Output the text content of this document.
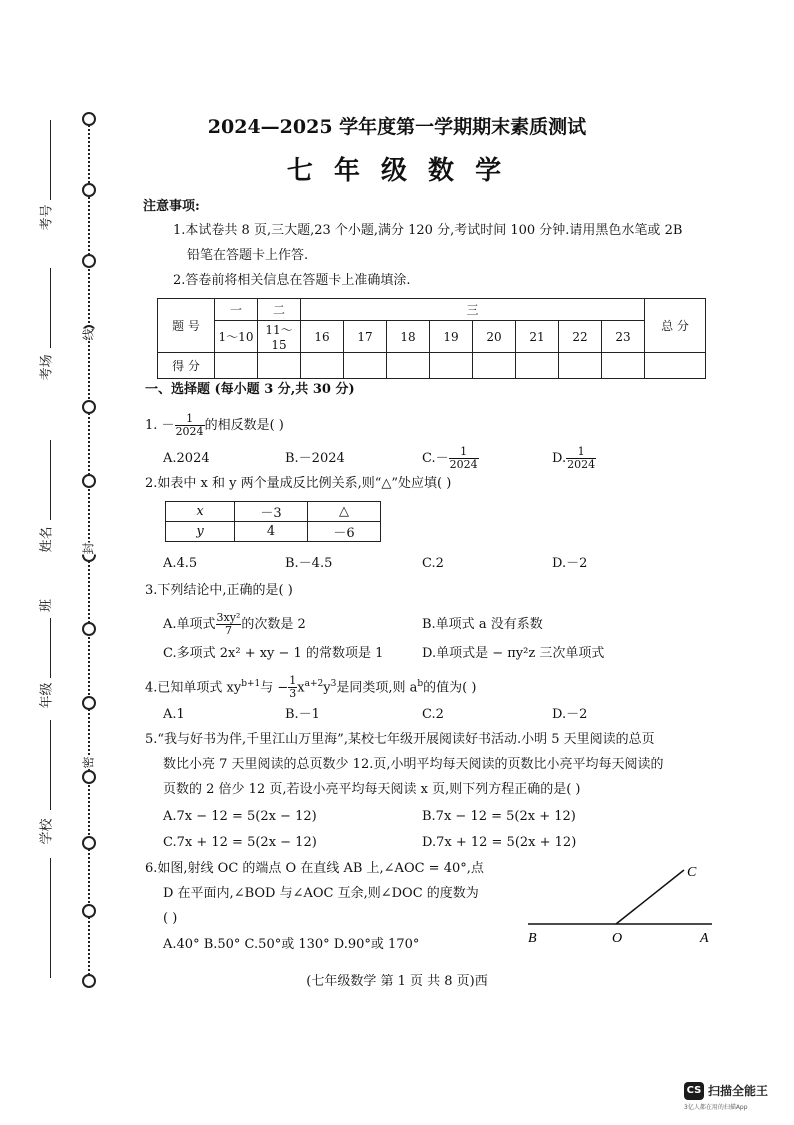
考号
考场
姓名
班
年级
学校
线
封
密
2024—2025 学年度第一学期期末素质测试
七 年 级 数 学
注意事项:
1.本试卷共 8 页,三大题,23 个小题,满分 120 分,考试时间 100 分钟.请用黑色水笔或 2B
铅笔在答题卡上作答.
2.答卷前将相关信息在答题卡上准确填涂.
题 号	一	二	三								总 分
	1～10	11～15	16	17	18	19	20	21	22	23	
得 分											
一、选择题 (每小题 3 分,共 30 分)
1. － $\frac{1}{2024}$ 的相反数是( )
A.2024	B.－2024	$C.- \frac{1}{2024}$	D. $\frac{1}{2024}$
2.如表中 x 和 y 两个量成反比例关系,则“△”处应填( )
x	－3	△
y	4	－6
A.4.5	B.－4.5	C.2	D.－2
3.下列结论中,正确的是( )
A.单项式 $\frac{\text{3xy²}}{7}$ 的次数是 2	B.单项式 a 没有系数
C.多项式 2x² + xy − 1 的常数项是 1	D.单项式是 − πy²z 三次单项式
4.已知单项式 $xy^{b+1}$与 − $\frac{1}{3} x^{a+2}y^3$是同类项,则 $a^b$的值为( )
A.1	B.－1	C.2	D.－2
5.“我与好书为伴,千里江山万里海”,某校七年级开展阅读好书活动.小明 5 天里阅读的总页
数比小亮 7 天里阅读的总页数少 12.页,小明平均每天阅读的页数比小亮平均每天阅读的
页数的 2 倍少 12 页,若设小亮平均每天阅读 x 页,则下列方程正确的是( )
A.7x − 12 = 5(2x − 12)	B.7x − 12 = 5(2x + 12)
C.7x + 12 = 5(2x − 12)	D.7x + 12 = 5(2x + 12)
6.如图,射线 OC 的端点 O 在直线 AB 上,∠AOC = 40°,点
D 在平面内,∠BOD 与∠AOC 互余,则∠DOC 的度数为
( )
A.40° B.50° C.50°或 130° D.90°或 170°
C
B	O	A
(七年级数学 第 1 页 共 8 页)西
CS 扫描全能王
3亿人都在用的扫描App
